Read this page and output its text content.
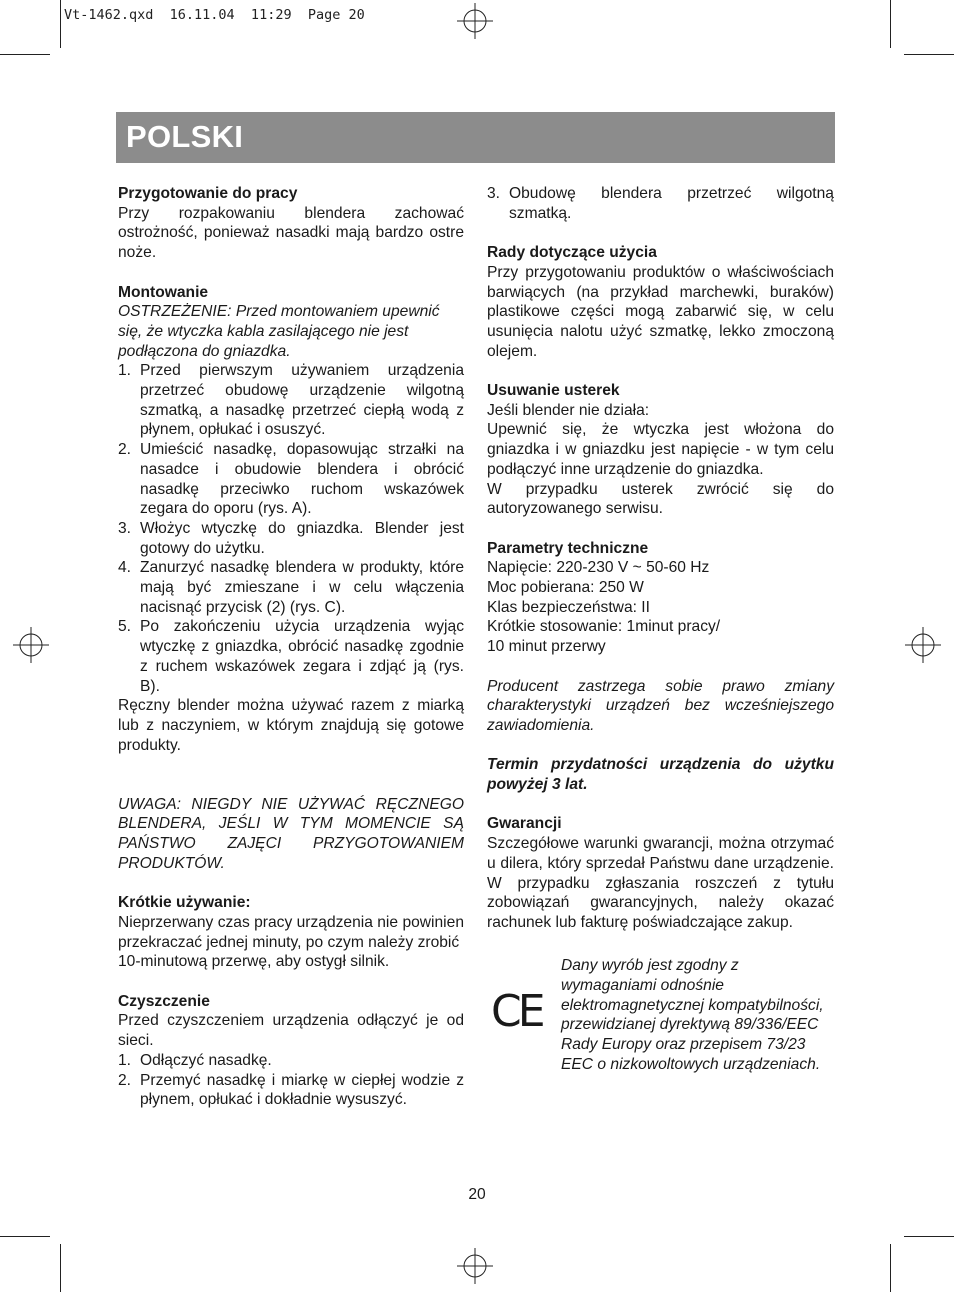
Vt-1462.qxd  16.11.04  11:29  Page 20
POLSKI

Przygotowanie do pracy

Przy rozpakowaniu blendera zachować ostrożność, ponieważ nasadki mają bardzo ostre noże.

Montowanie

OSTRZEŻENIE: Przed montowaniem upewnić się, że wtyczka kabla zasilającego nie jest podłączona do gniazdka.

1. Przed pierwszym używaniem urządzenia przetrzeć obudowę urządzenie wilgotną szmatką, a nasadkę przetrzeć ciepłą wodą z płynem, opłukać i osuszyć.
2. Umieścić nasadkę, dopasowując strzałki na nasadce i obudowie blendera i obrócić nasadkę przeciwko ruchom wskazówek zegara do oporu (rys. A).
3. Włożyc wtyczkę do gniazdka. Blender jest gotowy do użytku.
4. Zanurzyć nasadkę blendera w produkty, które mają być zmieszane i w celu włączenia nacisnąć przycisk (2) (rys. C).
5. Po zakończeniu użycia urządzenia wyjąc wtyczkę z gniazdka, obrócić nasadkę zgodnie z ruchem wskazówek zegara i zdjąć ją (rys. B).

Ręczny blender można używać razem z miarką lub z naczyniem, w którym znajdują się gotowe produkty.

UWAGA: NIEGDY NIE UŻYWAĆ RĘCZNEGO BLENDERA, JEŚLI W TYM MOMENCIE SĄ PAŃSTWO ZAJĘCI PRZYGOTOWANIEM PRODUKTÓW.

Krótkie używanie:

Nieprzerwany czas pracy urządzenia nie powinien przekraczać jednej minuty, po czym należy zrobić

10-minutową przerwę, aby ostygł silnik.

Czyszczenie

Przed czyszczeniem urządzenia odłączyć je od sieci.

1. Odłączyć nasadkę.
2. Przemyć nasadkę i miarkę w ciepłej wodzie z płynem, opłukać i dokładnie wysuszyć.
3. Obudowę blendera przetrzeć wilgotną szmatką.

Rady dotyczące użycia

Przy przygotowaniu produktów o właściwościach barwiących (na przykład marchewki, buraków) plastikowe części mogą zabarwić się, w celu usunięcia nalotu użyć szmatkę, lekko zmoczoną olejem.

Usuwanie usterek

Jeśli blender nie działa:

Upewnić się, że wtyczka jest włożona do gniazdka i w gniazdku jest napięcie - w tym celu podłączyć inne urządzenie do gniazdka.

W przypadku usterek zwrócić się do autoryzowanego serwisu.

Parametry techniczne

Napięcie: 220-230 V ~ 50-60 Hz

Moc pobierana: 250 W

Klas bezpieczeństwa: II

Krótkie stosowanie: 1minut pracy/

10 minut przerwy

Producent zastrzega sobie prawo zmiany charakterystyki urządzeń bez wcześniejszego zawiadomienia.

Termin przydatności urządzenia do użytku powyżej 3 lat.

Gwarancji

Szczegółowe warunki gwarancji, można otrzymać u dilera, który sprzedał Państwu dane urządzenie. W przypadku zgłaszania roszczeń z tytułu zobowiązań gwarancyjnych, należy okazać rachunek lub fakturę poświadczające zakup.

CE

Dany wyrób jest zgodny z wymaganiami odnośnie elektromagnetycznej kompatybilności, przewidzianej dyrektywą 89/336/EEC Rady Europy oraz przepisem 73/23 EEC o nizkowoltowych urządzeniach.

20
